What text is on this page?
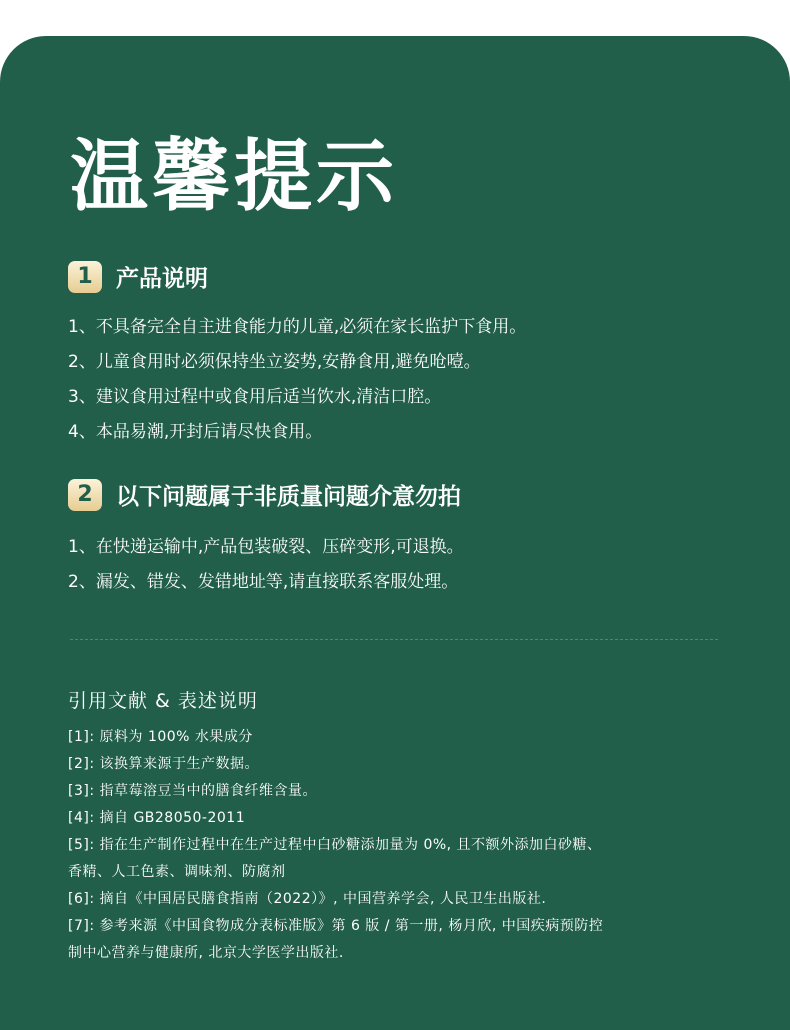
温馨提示
1	产品说明
1、不具备完全自主进食能力的儿童,必须在家长监护下食用。
2、儿童食用时必须保持坐立姿势,安静食用,避免呛噎。
3、建议食用过程中或食用后适当饮水,清洁口腔。
4、本品易潮,开封后请尽快食用。
2	以下问题属于非质量问题介意勿拍
1、在快递运输中,产品包装破裂、压碎变形,可退换。
2、漏发、错发、发错地址等,请直接联系客服处理。
引用文献 & 表述说明
[1]: 原料为 100% 水果成分
[2]: 该换算来源于生产数据。
[3]: 指草莓溶豆当中的膳食纤维含量。
[4]: 摘自 GB28050-2011
[5]: 指在生产制作过程中在生产过程中白砂糖添加量为 0%, 且不额外添加白砂糖、
香精、人工色素、调味剂、防腐剂
[6]: 摘自《中国居民膳食指南（2022）》, 中国营养学会, 人民卫生出版社.
[7]: 参考来源《中国食物成分表标准版》第 6 版 / 第一册, 杨月欣, 中国疾病预防控
制中心营养与健康所, 北京大学医学出版社.
